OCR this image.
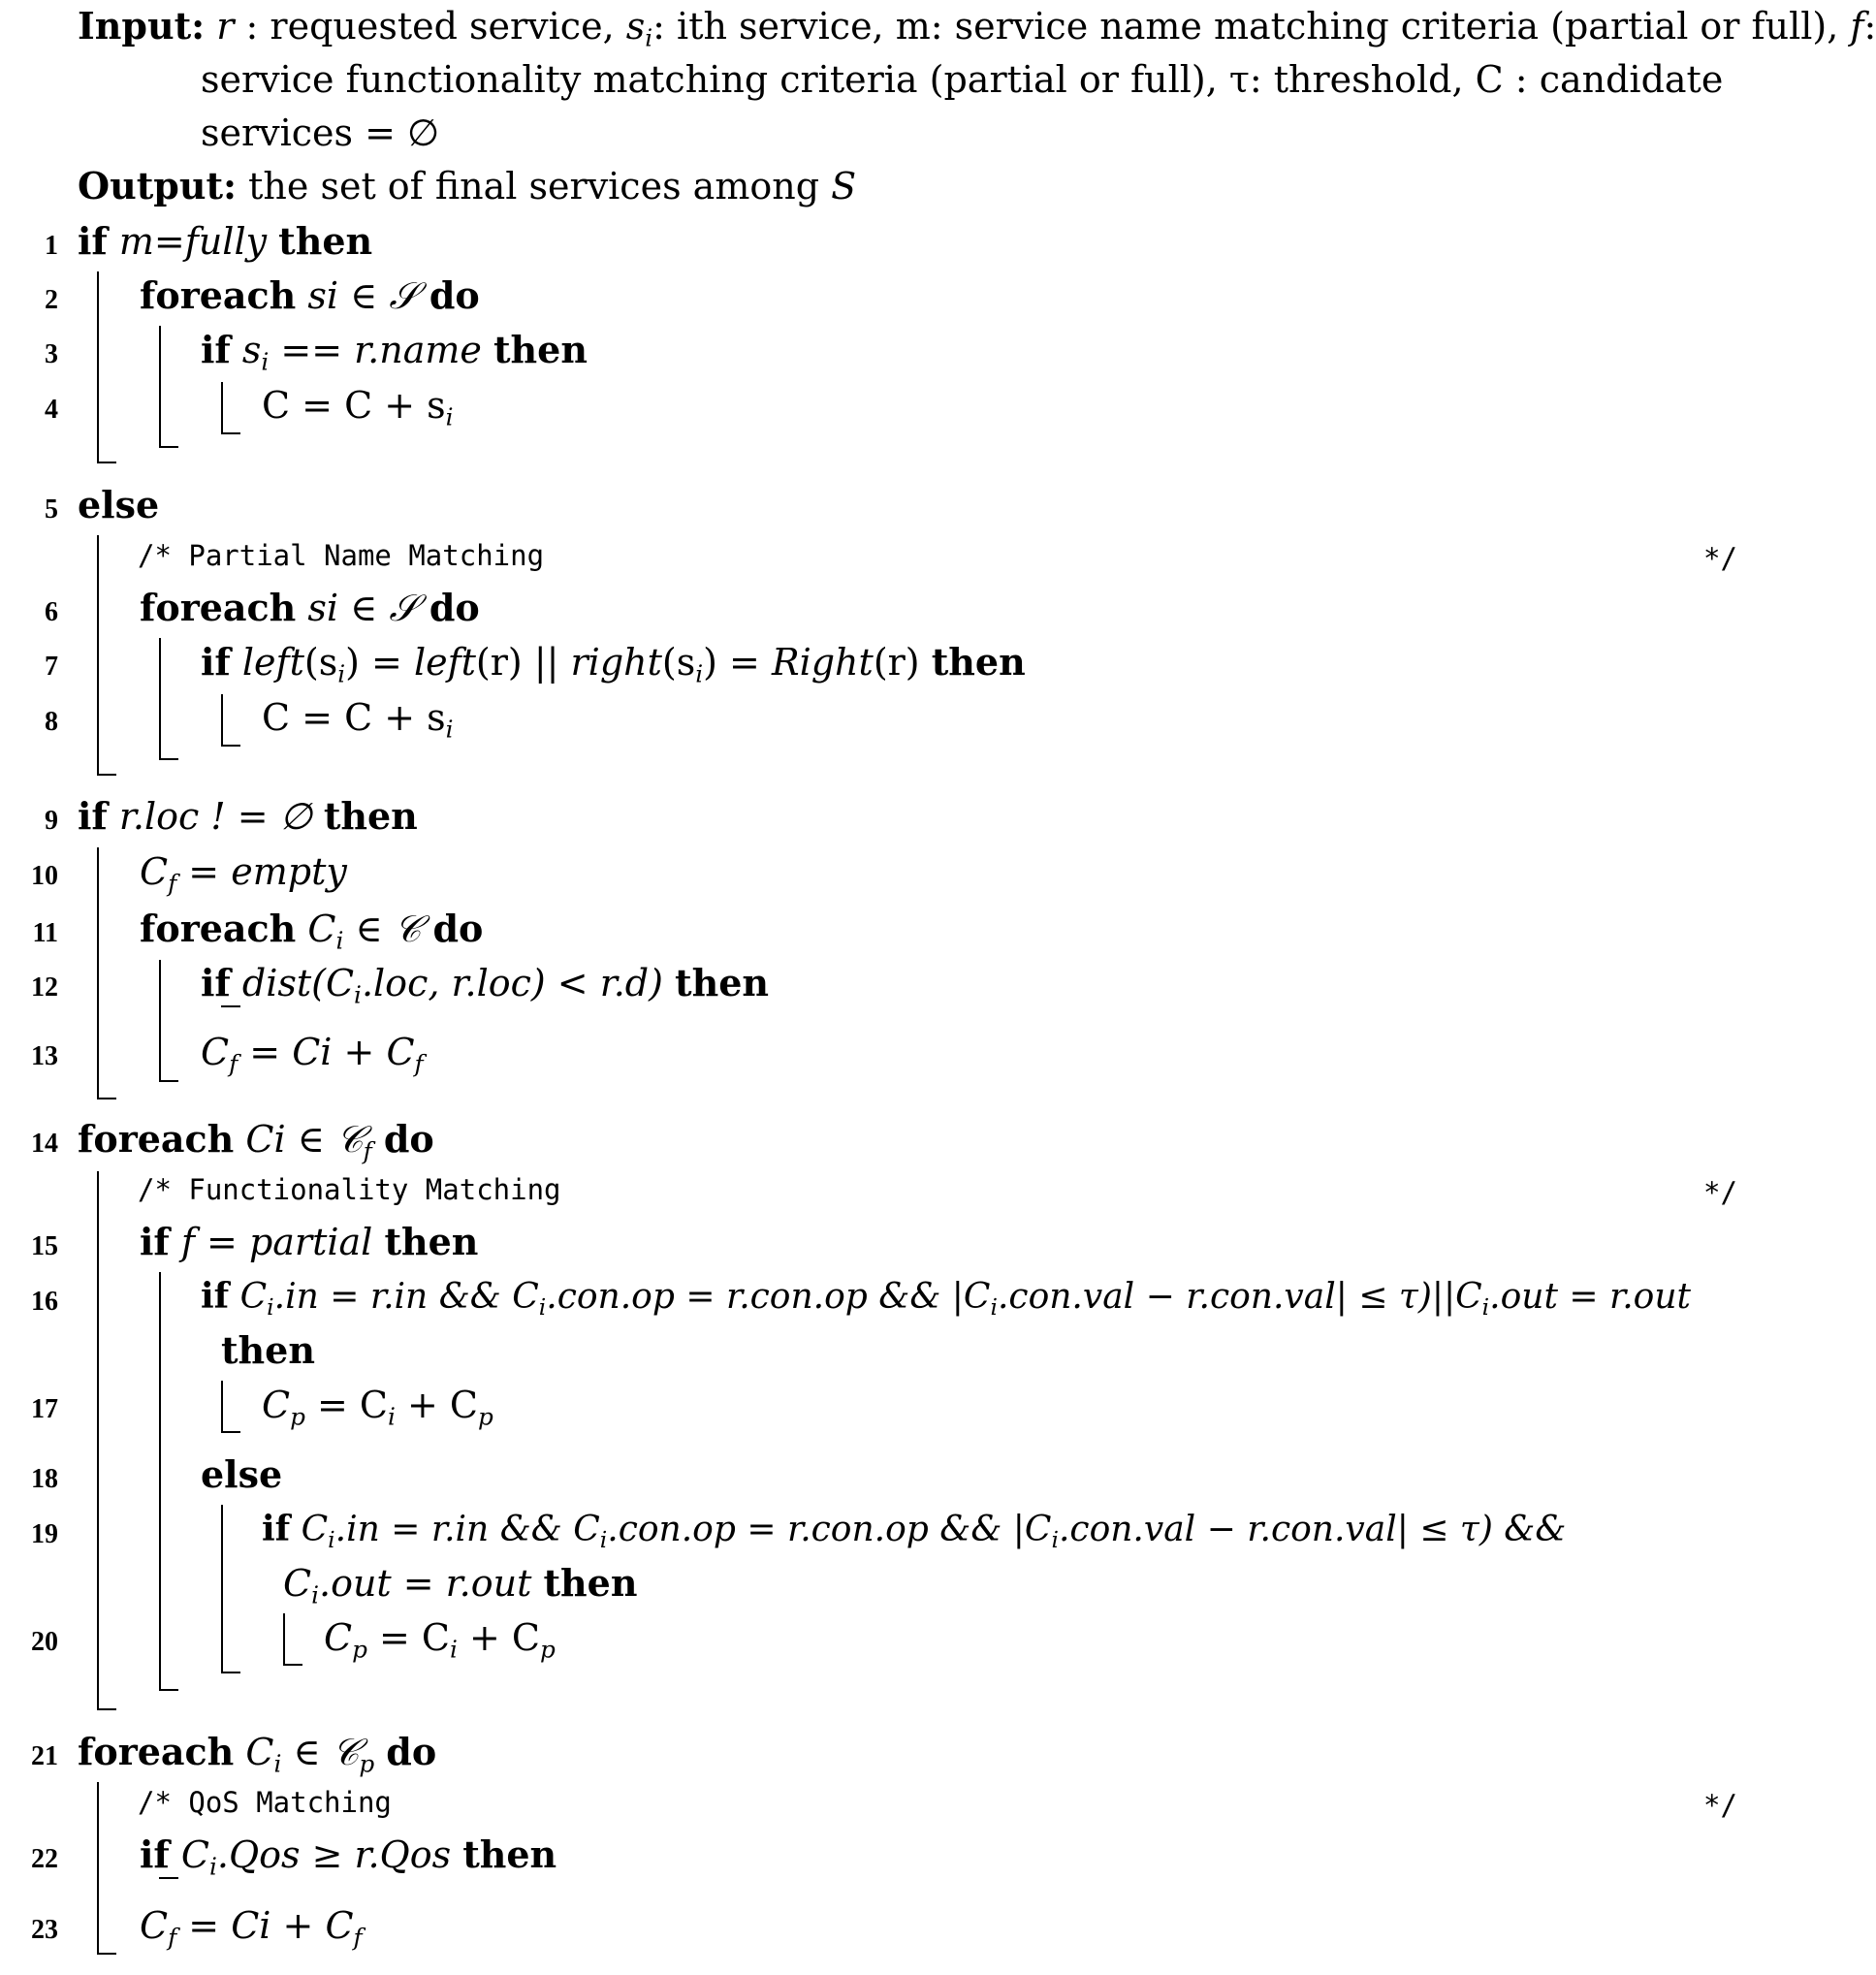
Input: r : requested service, $s_i$: ith service, m: service name matching criteria (partial or full), f:
service functionality matching criteria (partial or full), τ: threshold, C : candidate
services = ∅
Output: the set of final services among S
1
2
3
4
5
6
7
8
9
10
11
12
13
14
15
16
17
18
19
20
21
22
23
if m=fully then
foreach si ∈ 𝒮 do
if $s_i$ == r.name then
$C = C + s_i$
else
/* Partial Name Matching	*/
foreach si ∈ 𝒮 do
if $left(s_i)$ = left(r) || $right(s_i)$ = Right(r) then
$C = C + s_i$
if r.loc ! = ∅ then
$C_f$ = empty
foreach $C_i$ ∈ 𝒞 do
if $dist(C_i.loc$, r.loc) < r.d) then
$C_f = Ci + C_f$
foreach Ci ∈ 𝒞$_f$ do
/* Functionality Matching	*/
if f = partial then
if $C_i.in = r.in$ && $C_i.con.op = r.con.op$ && $|C_i.con.val - r.con.val| \le \tau)||C_i.out = r.out$
then
$C_p = C_i + C_p$
else
if $C_i.in = r.in$ && $C_i.con.op = r.con.op$ && $|C_i.con.val - r.con.val| \le \tau$) &&
$C_i.out = r.out$ then
$C_p = C_i + C_p$
foreach $C_i$ ∈ 𝒞$_p$ do
/* QoS Matching	*/
if $C_i.Qos \ge r.Qos$ then
$C_f = Ci + C_f$
